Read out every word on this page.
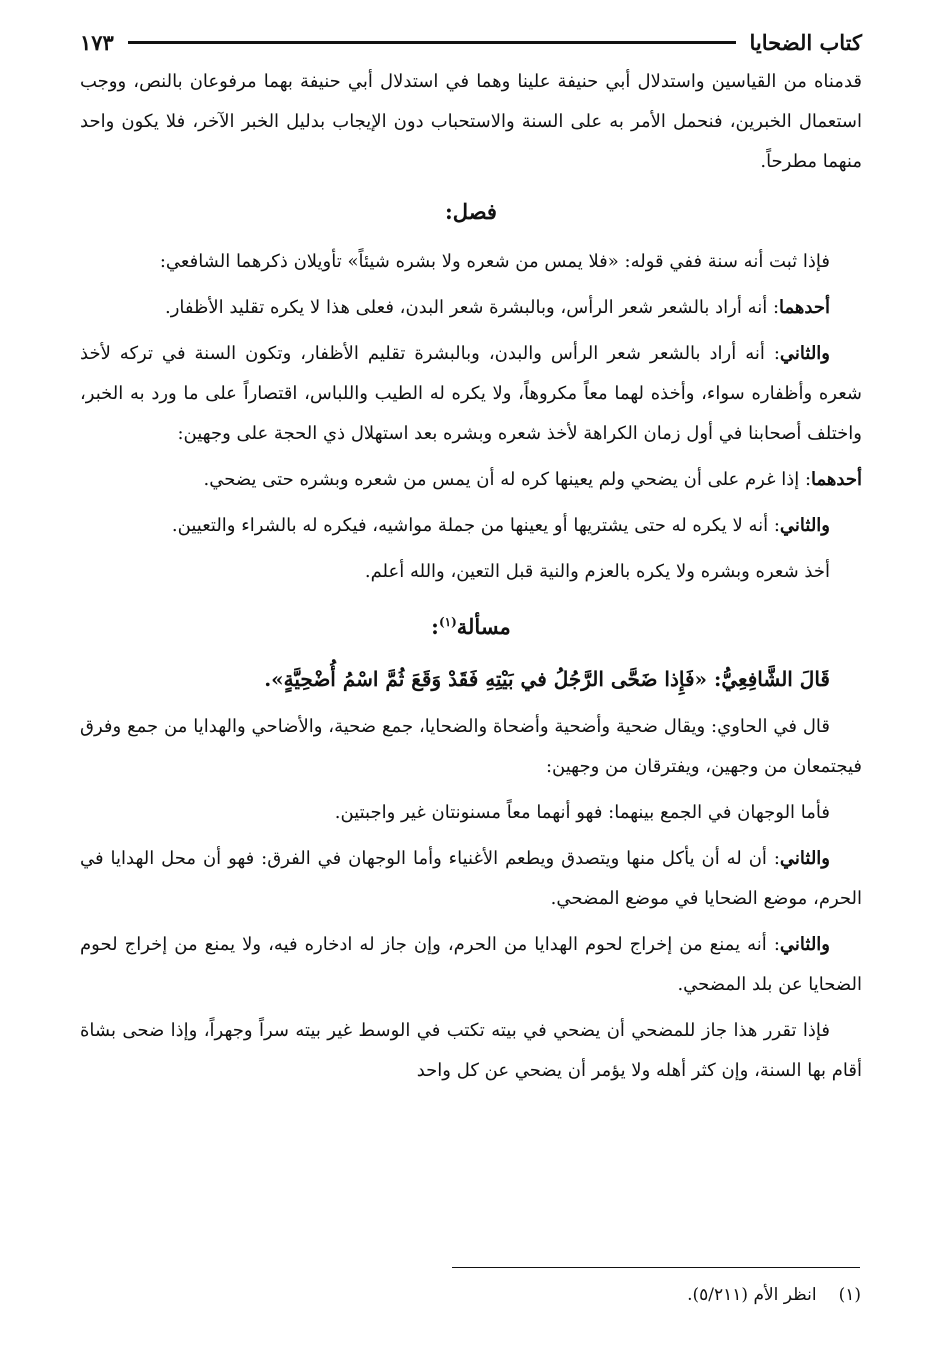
كتاب الضحايا
١٧٣

قدمناه من القياسين واستدلال أبي حنيفة علينا وهما في استدلال أبي حنيفة بهما مرفوعان بالنص، ووجب استعمال الخبرين، فنحمل الأمر به على السنة والاستحباب دون الإيجاب بدليل الخبر الآخر، فلا يكون واحد منهما مطرحاً.

فصل:

فإذا ثبت أنه سنة ففي قوله: «فلا يمس من شعره ولا بشره شيئاً» تأويلان ذكرهما الشافعي:

أحدهما: أنه أراد بالشعر شعر الرأس، وبالبشرة شعر البدن، فعلى هذا لا يكره تقليد الأظفار.

والثاني: أنه أراد بالشعر شعر الرأس والبدن، وبالبشرة تقليم الأظفار، وتكون السنة في تركه لأخذ شعره وأظفاره سواء، وأخذه لهما معاً مكروهاً، ولا يكره له الطيب واللباس، اقتصاراً على ما ورد به الخبر، واختلف أصحابنا في أول زمان الكراهة لأخذ شعره وبشره بعد استهلال ذي الحجة على وجهين:

أحدهما: إذا غرم على أن يضحي ولم يعينها كره له أن يمس من شعره وبشره حتى يضحي.

والثاني: أنه لا يكره له حتى يشتريها أو يعينها من جملة مواشيه، فيكره له بالشراء والتعيين.

أخذ شعره وبشره ولا يكره بالعزم والنية قبل التعين، والله أعلم.

مسألة$^{(١)}$:

قَالَ الشَّافِعِيُّ: «فَإِذا ضَحَّى الرَّجُلُ في بَيْتِهِ فَقَدْ وَقَعَ ثُمَّ اسْمُ أُضْحِيَّةٍ».

قال في الحاوي: ويقال ضحية وأضحية وأضحاة والضحايا، جمع ضحية، والأضاحي والهدايا من جمع وفرق فيجتمعان من وجهين، ويفترقان من وجهين:

فأما الوجهان في الجمع بينهما: فهو أنهما معاً مسنونتان غير واجبتين.

والثاني: أن له أن يأكل منها ويتصدق ويطعم الأغنياء وأما الوجهان في الفرق: فهو أن محل الهدايا في الحرم، موضع الضحايا في موضع المضحي.

والثاني: أنه يمنع من إخراج لحوم الهدايا من الحرم، وإن جاز له ادخاره فيه، ولا يمنع من إخراج لحوم الضحايا عن بلد المضحي.

فإذا تقرر هذا جاز للمضحي أن يضحي في بيته تكتب في الوسط غير بيته سراً وجهراً، وإذا ضحى بشاة أقام بها السنة، وإن كثر أهله ولا يؤمر أن يضحي عن كل واحد

(١)انظر الأم (٥/٢١١).
